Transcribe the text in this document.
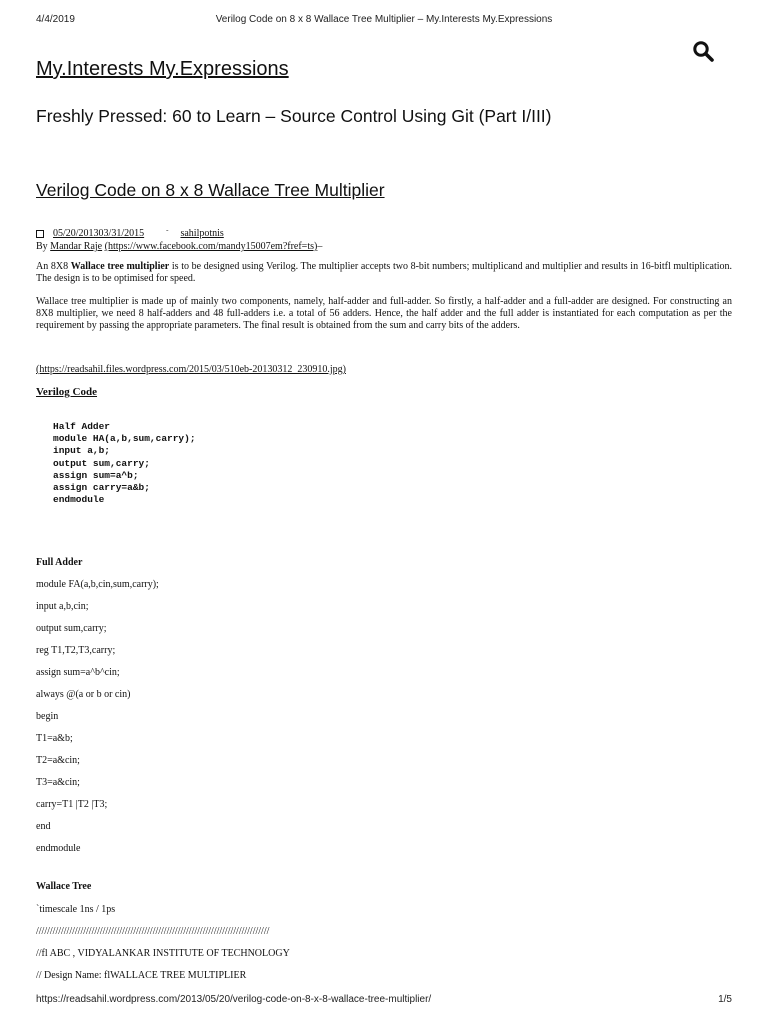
4/4/2019	Verilog Code on 8 x 8 Wallace Tree Multiplier – My.Interests My.Expressions
My.Interests My.Expressions
Freshly Pressed: 60 to Learn – Source Control Using Git (Part I/III)
Verilog Code on 8 x 8 Wallace Tree Multiplier
05/20/201303/31/2015	ˇ sahilpotnis
By Mandar Raje (https://www.facebook.com/mandy15007em?fref=ts)–
An 8X8 Wallace tree multiplier is to be designed using Verilog. The multiplier accepts two 8-bit numbers; multiplicand and multiplier and results in 16-bitfl multiplication. The design is to be optimised for speed.
Wallace tree multiplier is made up of mainly two components, namely, half-adder and full-adder. So firstly, a half-adder and a full-adder are designed. For constructing an 8X8 multiplier, we need 8 half-adders and 48 full-adders i.e. a total of 56 adders. Hence, the half adder and the full adder is instantiated for each computation as per the requirement by passing the appropriate parameters. The final result is obtained from the sum and carry bits of the adders.
(https://readsahil.files.wordpress.com/2015/03/510eb-20130312_230910.jpg)
Verilog Code
Half Adder
module HA(a,b,sum,carry);
input a,b;
output sum,carry;
assign sum=a^b;
assign carry=a&b;
endmodule
Full Adder
module FA(a,b,cin,sum,carry);
input a,b,cin;
output sum,carry;
reg T1,T2,T3,carry;
assign sum=a^b^cin;
always @(a or b or cin)
begin
T1=a&b;
T2=a&cin;
T3=a&cin;
carry=T1 |T2 |T3;
end
endmodule
Wallace Tree
`timescale 1ns / 1ps
////////////////////////////////////////////////////////////////////////////////////
//fl ABC , VIDYALANKAR INSTITUTE OF TECHNOLOGY
// Design Name: flWALLACE TREE MULTIPLIER
https://readsahil.wordpress.com/2013/05/20/verilog-code-on-8-x-8-wallace-tree-multiplier/	1/5
